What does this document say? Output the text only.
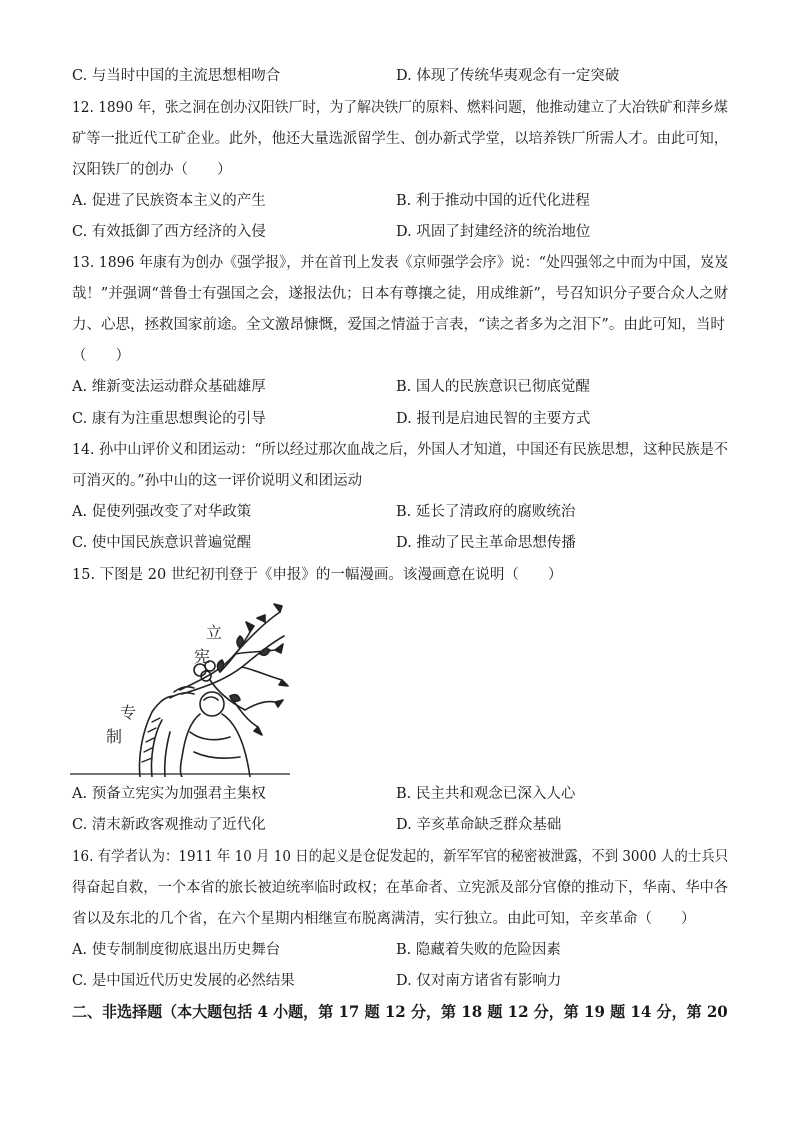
C. 与当时中国的主流思想相吻合	D. 体现了传统华夷观念有一定突破
12. 1890 年，张之洞在创办汉阳铁厂时，为了解决铁厂的原料、燃料问题，他推动建立了大冶铁矿和萍乡煤
矿等一批近代工矿企业。此外，他还大量选派留学生、创办新式学堂，以培养铁厂所需人才。由此可知，
汉阳铁厂的创办（　　）
A. 促进了民族资本主义的产生	B. 利于推动中国的近代化进程
C. 有效抵御了西方经济的入侵	D. 巩固了封建经济的统治地位
13. 1896 年康有为创办《强学报》，并在首刊上发表《京师强学会序》说：“处四强邻之中而为中国，岌岌
哉！”并强调“普鲁士有强国之会，遂报法仇；日本有尊攘之徒，用成维新”，号召知识分子要合众人之财
力、心思，拯救国家前途。全文激昂慷慨，爱国之情溢于言表，“读之者多为之泪下”。由此可知，当时
（　　）
A. 维新变法运动群众基础雄厚	B. 国人的民族意识已彻底觉醒
C. 康有为注重思想舆论的引导	D. 报刊是启迪民智的主要方式
14. 孙中山评价义和团运动：“所以经过那次血战之后，外国人才知道，中国还有民族思想，这种民族是不
可消灭的。”孙中山的这一评价说明义和团运动
A. 促使列强改变了对华政策	B. 延长了清政府的腐败统治
C. 使中国民族意识普遍觉醒	D. 推动了民主革命思想传播
15. 下图是 20 世纪初刊登于《申报》的一幅漫画。该漫画意在说明（　　）
立
宪
专
制
A. 预备立宪实为加强君主集权	B. 民主共和观念已深入人心
C. 清末新政客观推动了近代化	D. 辛亥革命缺乏群众基础
16. 有学者认为：1911 年 10 月 10 日的起义是仓促发起的，新军军官的秘密被泄露，不到 3000 人的士兵只
得奋起自救，一个本省的旅长被迫统率临时政权；在革命者、立宪派及部分官僚的推动下，华南、华中各
省以及东北的几个省，在六个星期内相继宣布脱离满清，实行独立。由此可知，辛亥革命（　　）
A. 使专制制度彻底退出历史舞台	B. 隐藏着失败的危险因素
C. 是中国近代历史发展的必然结果	D. 仅对南方诸省有影响力
二、非选择题（本大题包括 4 小题，第 17 题 12 分，第 18 题 12 分，第 19 题 14 分，第 20
